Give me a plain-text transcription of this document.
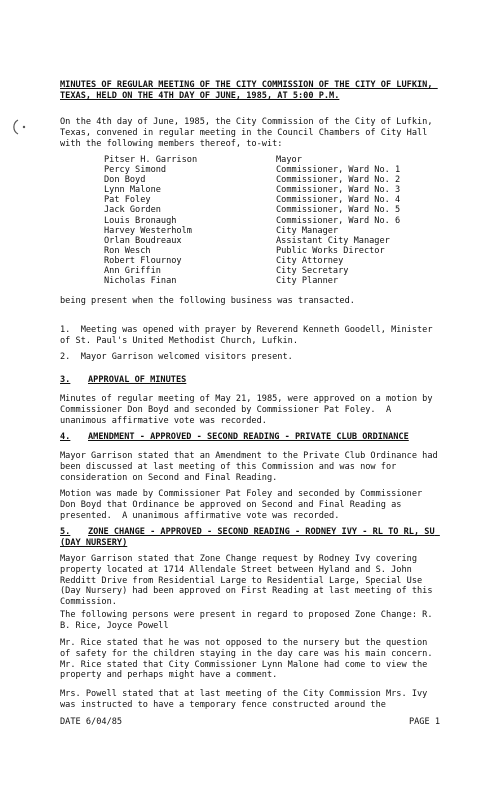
MINUTES OF REGULAR MEETING OF THE CITY COMMISSION OF THE CITY OF LUFKIN, TEXAS, HELD ON THE 4TH DAY OF JUNE, 1985, AT 5:00 P.M.
On the 4th day of June, 1985, the City Commission of the City of Lufkin, Texas, convened in regular meeting in the Council Chambers of City Hall with the following members thereof, to-wit:
Pitser H. Garrison	Mayor
Percy Simond	Commissioner, Ward No. 1
Don Boyd	Commissioner, Ward No. 2
Lynn Malone	Commissioner, Ward No. 3
Pat Foley	Commissioner, Ward No. 4
Jack Gorden	Commissioner, Ward No. 5
Louis Bronaugh	Commissioner, Ward No. 6
Harvey Westerholm	City Manager
Orlan Boudreaux	Assistant City Manager
Ron Wesch	Public Works Director
Robert Flournoy	City Attorney
Ann Griffin	City Secretary
Nicholas Finan	City Planner
being present when the following business was transacted.
1.  Meeting was opened with prayer by Reverend Kenneth Goodell, Minister of St. Paul's United Methodist Church, Lufkin.
2.  Mayor Garrison welcomed visitors present.
3. APPROVAL OF MINUTES
Minutes of regular meeting of May 21, 1985, were approved on a motion by Commissioner Don Boyd and seconded by Commissioner Pat Foley.  A unanimous affirmative vote was recorded.
4. AMENDMENT - APPROVED - SECOND READING - PRIVATE CLUB ORDINANCE
Mayor Garrison stated that an Amendment to the Private Club Ordinance had been discussed at last meeting of this Commission and was now for consideration on Second and Final Reading.
Motion was made by Commissioner Pat Foley and seconded by Commissioner Don Boyd that Ordinance be approved on Second and Final Reading as presented.  A unanimous affirmative vote was recorded.
5. ZONE CHANGE - APPROVED - SECOND READING - RODNEY IVY - RL TO RL, SU (DAY NURSERY)
Mayor Garrison stated that Zone Change request by Rodney Ivy covering property located at 1714 Allendale Street between Hyland and S. John Redditt Drive from Residential Large to Residential Large, Special Use (Day Nursery) had been approved on First Reading at last meeting of this Commission.
The following persons were present in regard to proposed Zone Change: R. B. Rice, Joyce Powell
Mr. Rice stated that he was not opposed to the nursery but the question of safety for the children staying in the day care was his main concern.  Mr. Rice stated that City Commissioner Lynn Malone had come to view the property and perhaps might have a comment.
Mrs. Powell stated that at last meeting of the City Commission Mrs. Ivy was instructed to have a temporary fence constructed around the
DATE 6/04/85	PAGE 1
